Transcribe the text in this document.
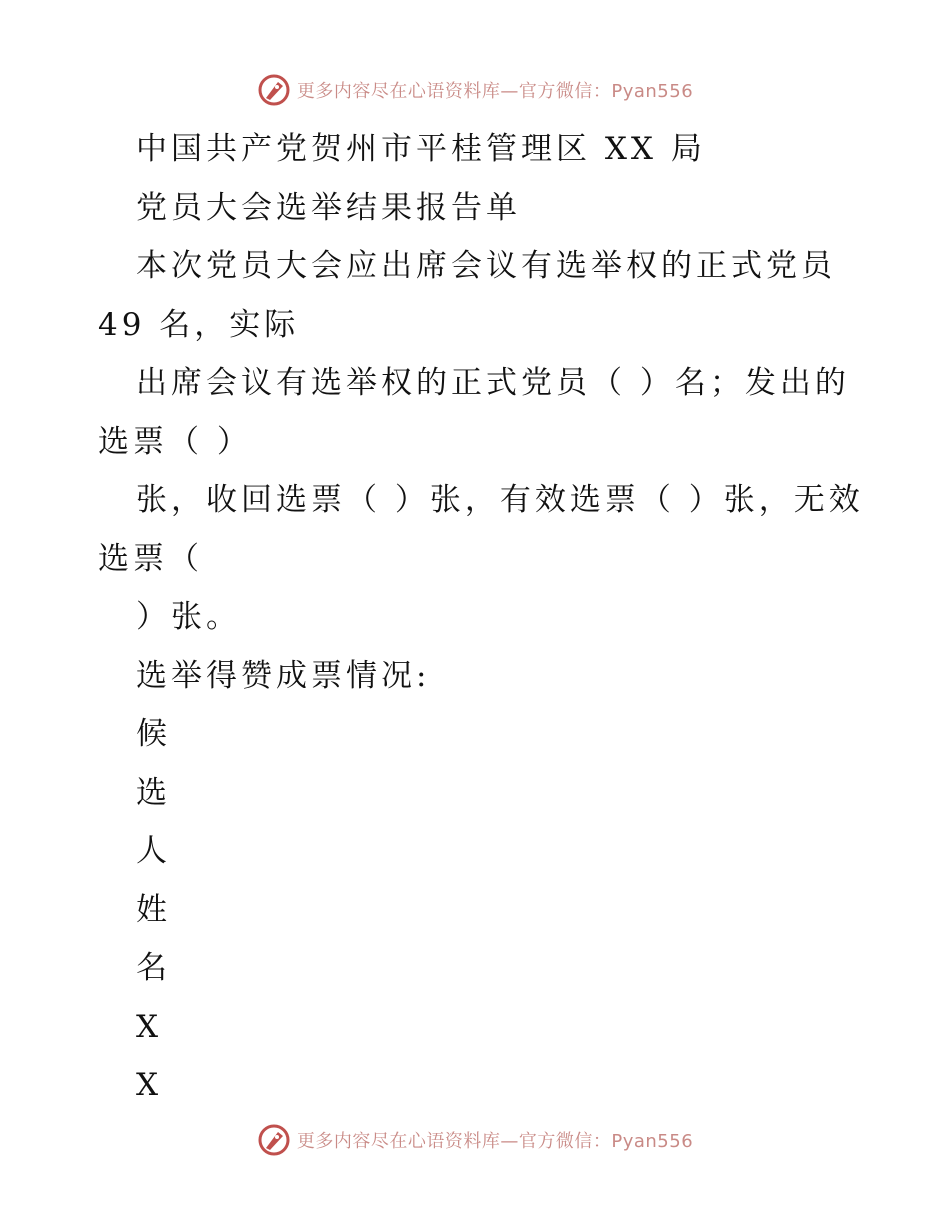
更多内容尽在心语资料库—官方微信：Pyan556
中国共产党贺州市平桂管理区 XX 局
党员大会选举结果报告单
本次党员大会应出席会议有选举权的正式党员
49 名，实际
出席会议有选举权的正式党员（ ）名；发出的
选票（ ）
张，收回选票（ ）张，有效选票（ ）张，无效
选票（
）张。
选举得赞成票情况:
候
选
人
姓
名
X
X
更多内容尽在心语资料库—官方微信：Pyan556
